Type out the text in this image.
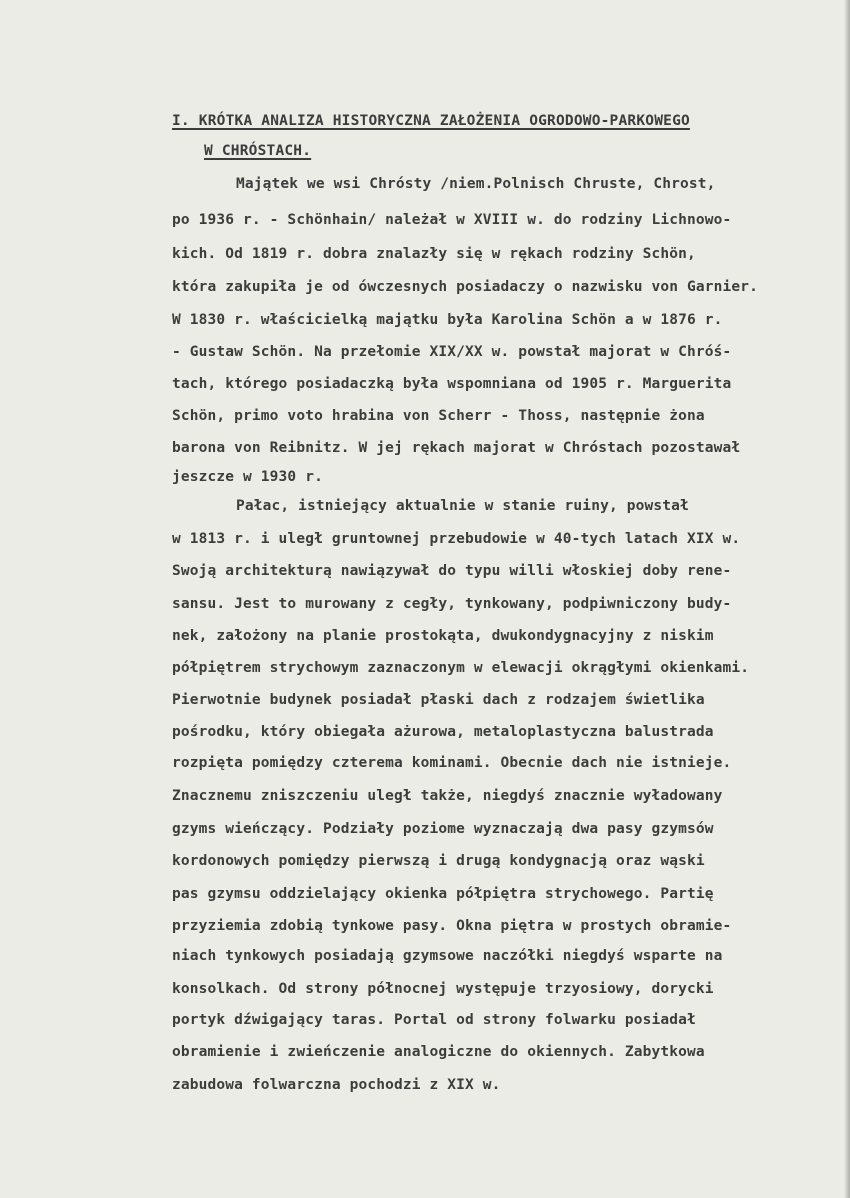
I. KRÓTKA ANALIZA HISTORYCZNA ZAŁOŻENIA OGRODOWO-PARKOWEGO
W CHRÓSTACH.
Majątek we wsi Chrósty /niem.Polnisch Chruste, Chrost,
po 1936 r. - Schönhain/ należał w XVIII w. do rodziny Lichnowo-
kich. Od 1819 r. dobra znalazły się w rękach rodziny Schön,
która zakupiła je od ówczesnych posiadaczy o nazwisku von Garnier.
W 1830 r. właścicielką majątku była Karolina Schön a w 1876 r.
- Gustaw Schön. Na przełomie XIX/XX w. powstał majorat w Chróś-
tach, którego posiadaczką była wspomniana od 1905 r. Marguerita
Schön, primo voto hrabina von Scherr - Thoss, następnie żona
barona von Reibnitz. W jej rękach majorat w Chróstach pozostawał
jeszcze w 1930 r.
Pałac, istniejący aktualnie w stanie ruiny, powstał
w 1813 r. i uległ gruntownej przebudowie w 40-tych latach XIX w.
Swoją architekturą nawiązywał do typu willi włoskiej doby rene-
sansu. Jest to murowany z cegły, tynkowany, podpiwniczony budy-
nek, założony na planie prostokąta, dwukondygnacyjny z niskim
półpiętrem strychowym zaznaczonym w elewacji okrągłymi okienkami.
Pierwotnie budynek posiadał płaski dach z rodzajem świetlika
pośrodku, który obiegała ażurowa, metaloplastyczna balustrada
rozpięta pomiędzy czterema kominami. Obecnie dach nie istnieje.
Znacznemu zniszczeniu uległ także, niegdyś znacznie wyładowany
gzyms wieńczący. Podziały poziome wyznaczają dwa pasy gzymsów
kordonowych pomiędzy pierwszą i drugą kondygnacją oraz wąski
pas gzymsu oddzielający okienka półpiętra strychowego. Partię
przyziemia zdobią tynkowe pasy. Okna piętra w prostych obramie-
niach tynkowych posiadają gzymsowe naczółki niegdyś wsparte na
konsolkach. Od strony północnej występuje trzyosiowy, dorycki
portyk dźwigający taras. Portal od strony folwarku posiadał
obramienie i zwieńczenie analogiczne do okiennych. Zabytkowa
zabudowa folwarczna pochodzi z XIX w.
